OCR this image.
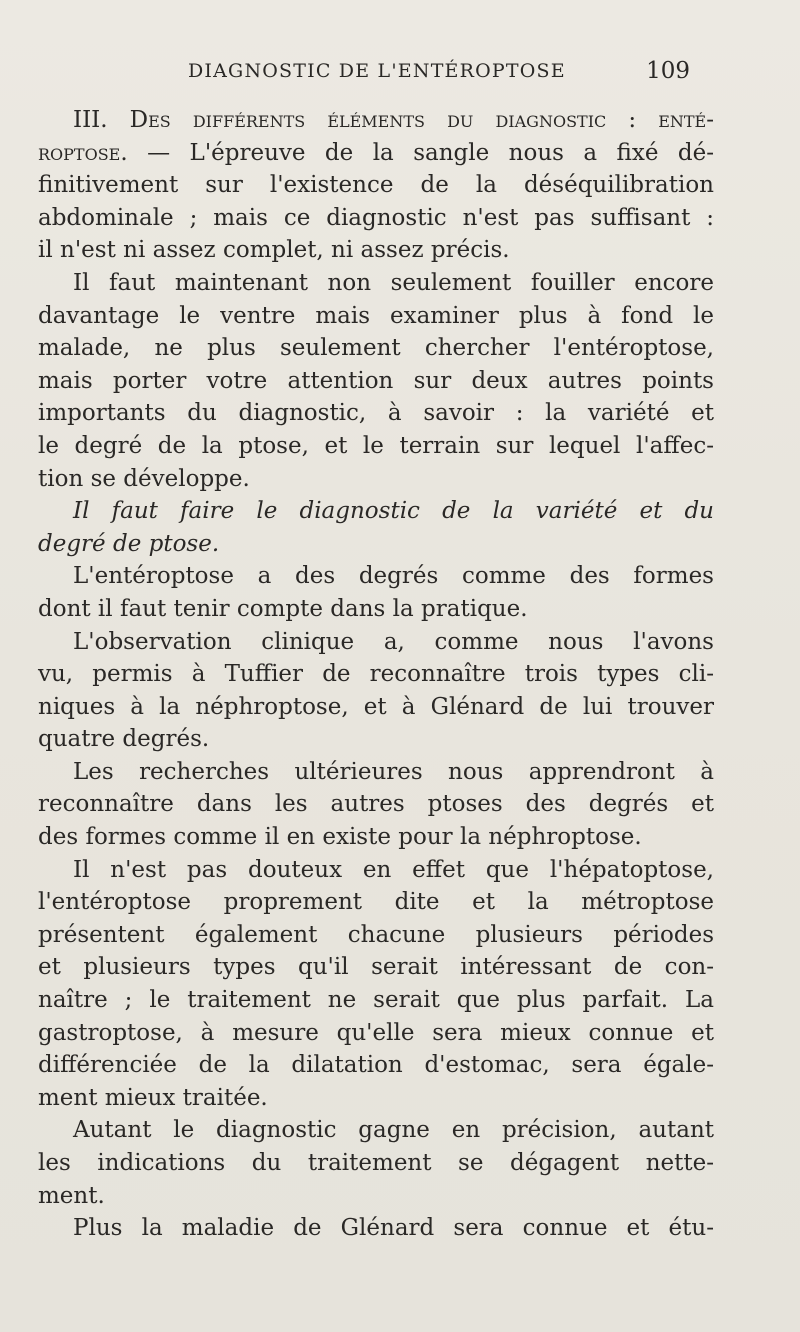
DIAGNOSTIC DE L'ENTÉROPTOSE	109
III. Des différents éléments du diagnostic : enté-
roptose. — L'épreuve de la sangle nous a fixé dé-
finitivement sur l'existence de la déséquilibration
abdominale ; mais ce diagnostic n'est pas suffisant :
il n'est ni assez complet, ni assez précis.
Il faut maintenant non seulement fouiller encore
davantage le ventre mais examiner plus à fond le
malade, ne plus seulement chercher l'entéroptose,
mais porter votre attention sur deux autres points
importants du diagnostic, à savoir : la variété et
le degré de la ptose, et le terrain sur lequel l'affec-
tion se développe.
Il faut faire le diagnostic de la variété et du
degré de ptose.
L'entéroptose a des degrés comme des formes
dont il faut tenir compte dans la pratique.
L'observation clinique a, comme nous l'avons
vu, permis à Tuffier de reconnaître trois types cli-
niques à la néphroptose, et à Glénard de lui trouver
quatre degrés.
Les recherches ultérieures nous apprendront à
reconnaître dans les autres ptoses des degrés et
des formes comme il en existe pour la néphroptose.
Il n'est pas douteux en effet que l'hépatoptose,
l'entéroptose proprement dite et la métroptose
présentent également chacune plusieurs périodes
et plusieurs types qu'il serait intéressant de con-
naître ; le traitement ne serait que plus parfait. La
gastroptose, à mesure qu'elle sera mieux connue et
différenciée de la dilatation d'estomac, sera égale-
ment mieux traitée.
Autant le diagnostic gagne en précision, autant
les indications du traitement se dégagent nette-
ment.
Plus la maladie de Glénard sera connue et étu-
